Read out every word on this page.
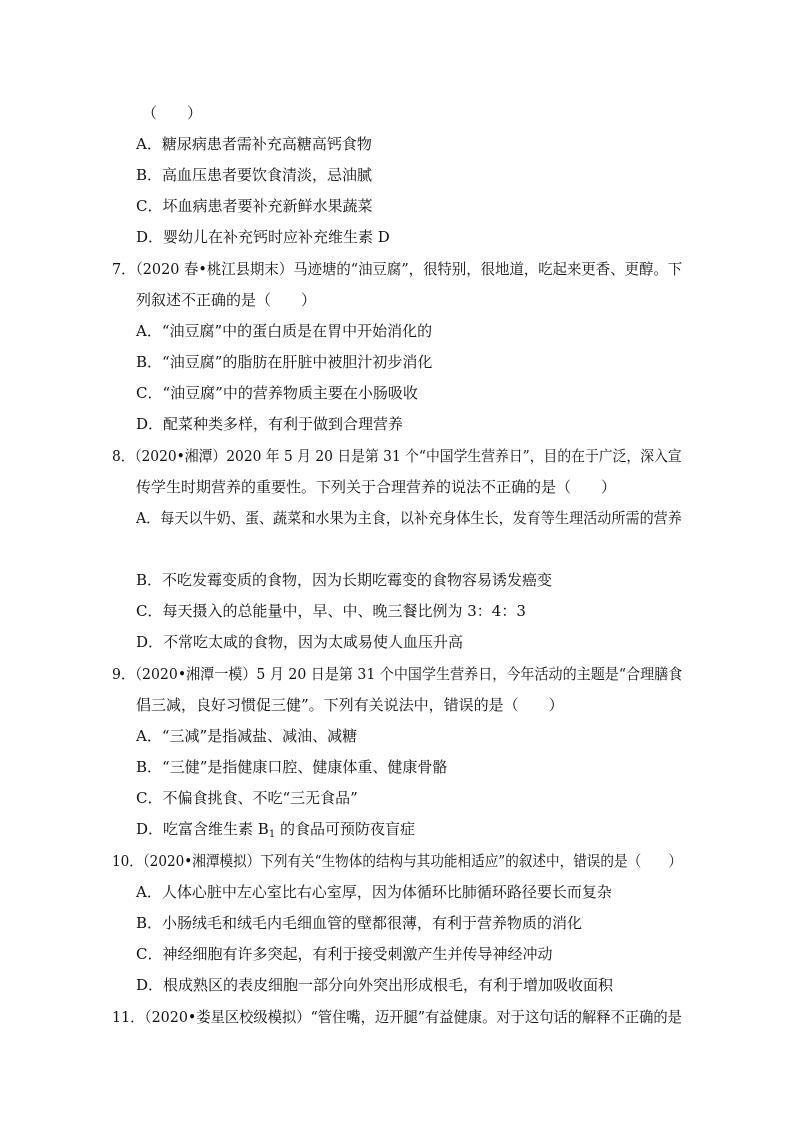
（　　）
A．糖尿病患者需补充高糖高钙食物
B．高血压患者要饮食清淡，忌油腻
C．坏血病患者要补充新鲜水果蔬菜
D．婴幼儿在补充钙时应补充维生素 D
7．（2020 春•桃江县期末）马迹塘的“油豆腐”，很特别，很地道，吃起来更香、更醇。下
列叙述不正确的是（　　）
A．“油豆腐”中的蛋白质是在胃中开始消化的
B．“油豆腐”的脂肪在肝脏中被胆汁初步消化
C．“油豆腐”中的营养物质主要在小肠吸收
D．配菜种类多样，有利于做到合理营养
8．（2020•湘潭）2020 年 5 月 20 日是第 31 个“中国学生营养日”，目的在于广泛，深入宣
传学生时期营养的重要性。下列关于合理营养的说法不正确的是（　　）
A．每天以牛奶、蛋、蔬菜和水果为主食，以补充身体生长，发育等生理活动所需的营养
B．不吃发霉变质的食物，因为长期吃霉变的食物容易诱发癌变
C．每天摄入的总能量中，早、中、晚三餐比例为 3：4：3
D．不常吃太咸的食物，因为太咸易使人血压升高
9．（2020•湘潭一模）5 月 20 日是第 31 个中国学生营养日，今年活动的主题是“合理膳食
倡三减，良好习惯促三健”。下列有关说法中，错误的是（　　）
A．“三减”是指减盐、减油、减糖
B．“三健”是指健康口腔、健康体重、健康骨骼
C．不偏食挑食、不吃“三无食品”
D．吃富含维生素 $B_1$ 的食品可预防夜盲症
10．（2020•湘潭模拟）下列有关“生物体的结构与其功能相适应”的叙述中，错误的是（　　）
A．人体心脏中左心室比右心室厚，因为体循环比肺循环路径要长而复杂
B．小肠绒毛和绒毛内毛细血管的壁都很薄，有利于营养物质的消化
C．神经细胞有许多突起，有利于接受刺激产生并传导神经冲动
D．根成熟区的表皮细胞一部分向外突出形成根毛，有利于增加吸收面积
11．（2020•娄星区校级模拟）“管住嘴，迈开腿”有益健康。对于这句话的解释不正确的是
